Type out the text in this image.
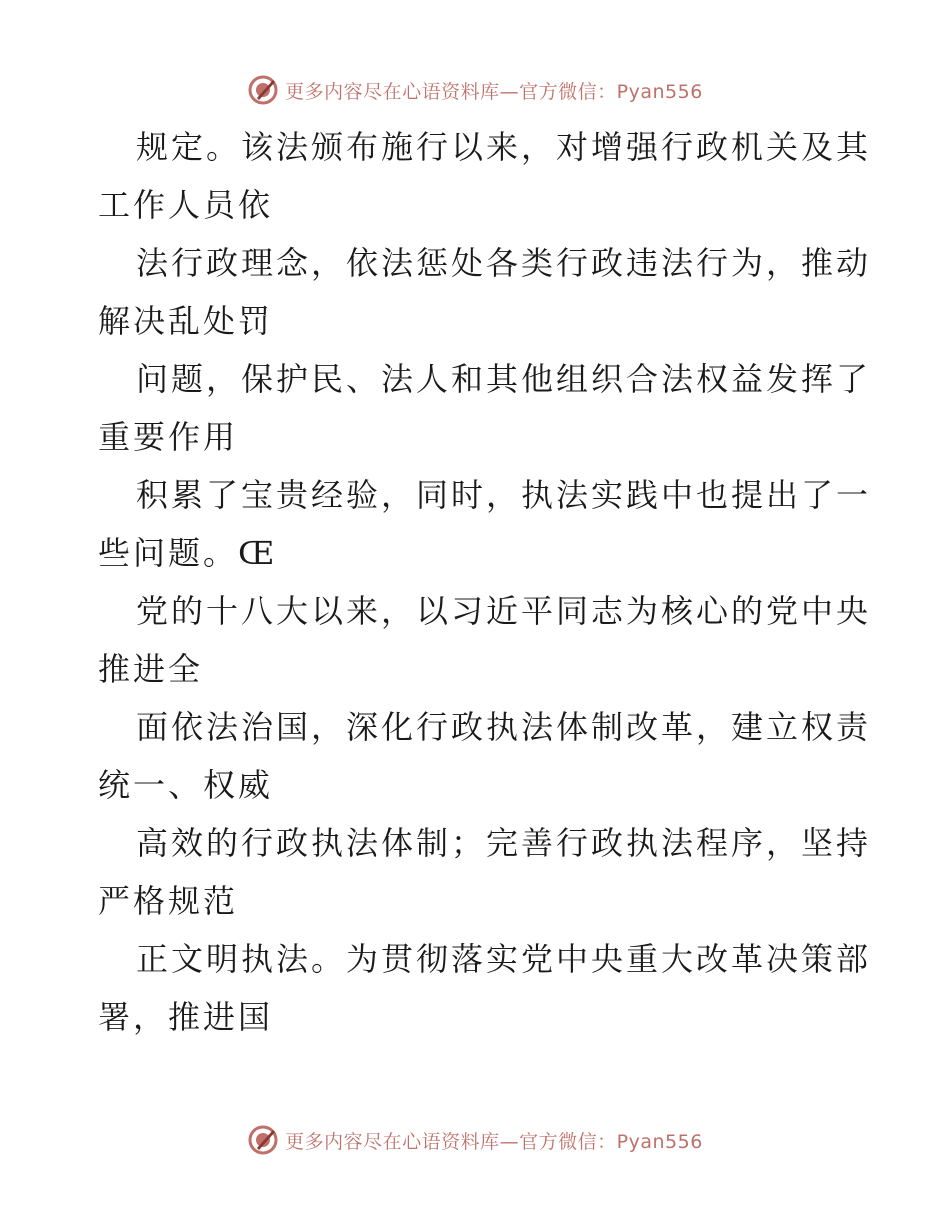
更多内容尽在心语资料库—官方微信：Pyan556
规定。该法颁布施行以来，对增强行政机关及其
工作人员依
法行政理念，依法惩处各类行政违法行为，推动
解决乱处罚
问题，保护民、法人和其他组织合法权益发挥了
重要作用
积累了宝贵经验，同时，执法实践中也提出了一
些问题。Œ
党的十八大以来，以习近平同志为核心的党中央
推进全
面依法治国，深化行政执法体制改革，建立权责
统一、权威
高效的行政执法体制；完善行政执法程序，坚持
严格规范
正文明执法。为贯彻落实党中央重大改革决策部
署，推进国
更多内容尽在心语资料库—官方微信：Pyan556
